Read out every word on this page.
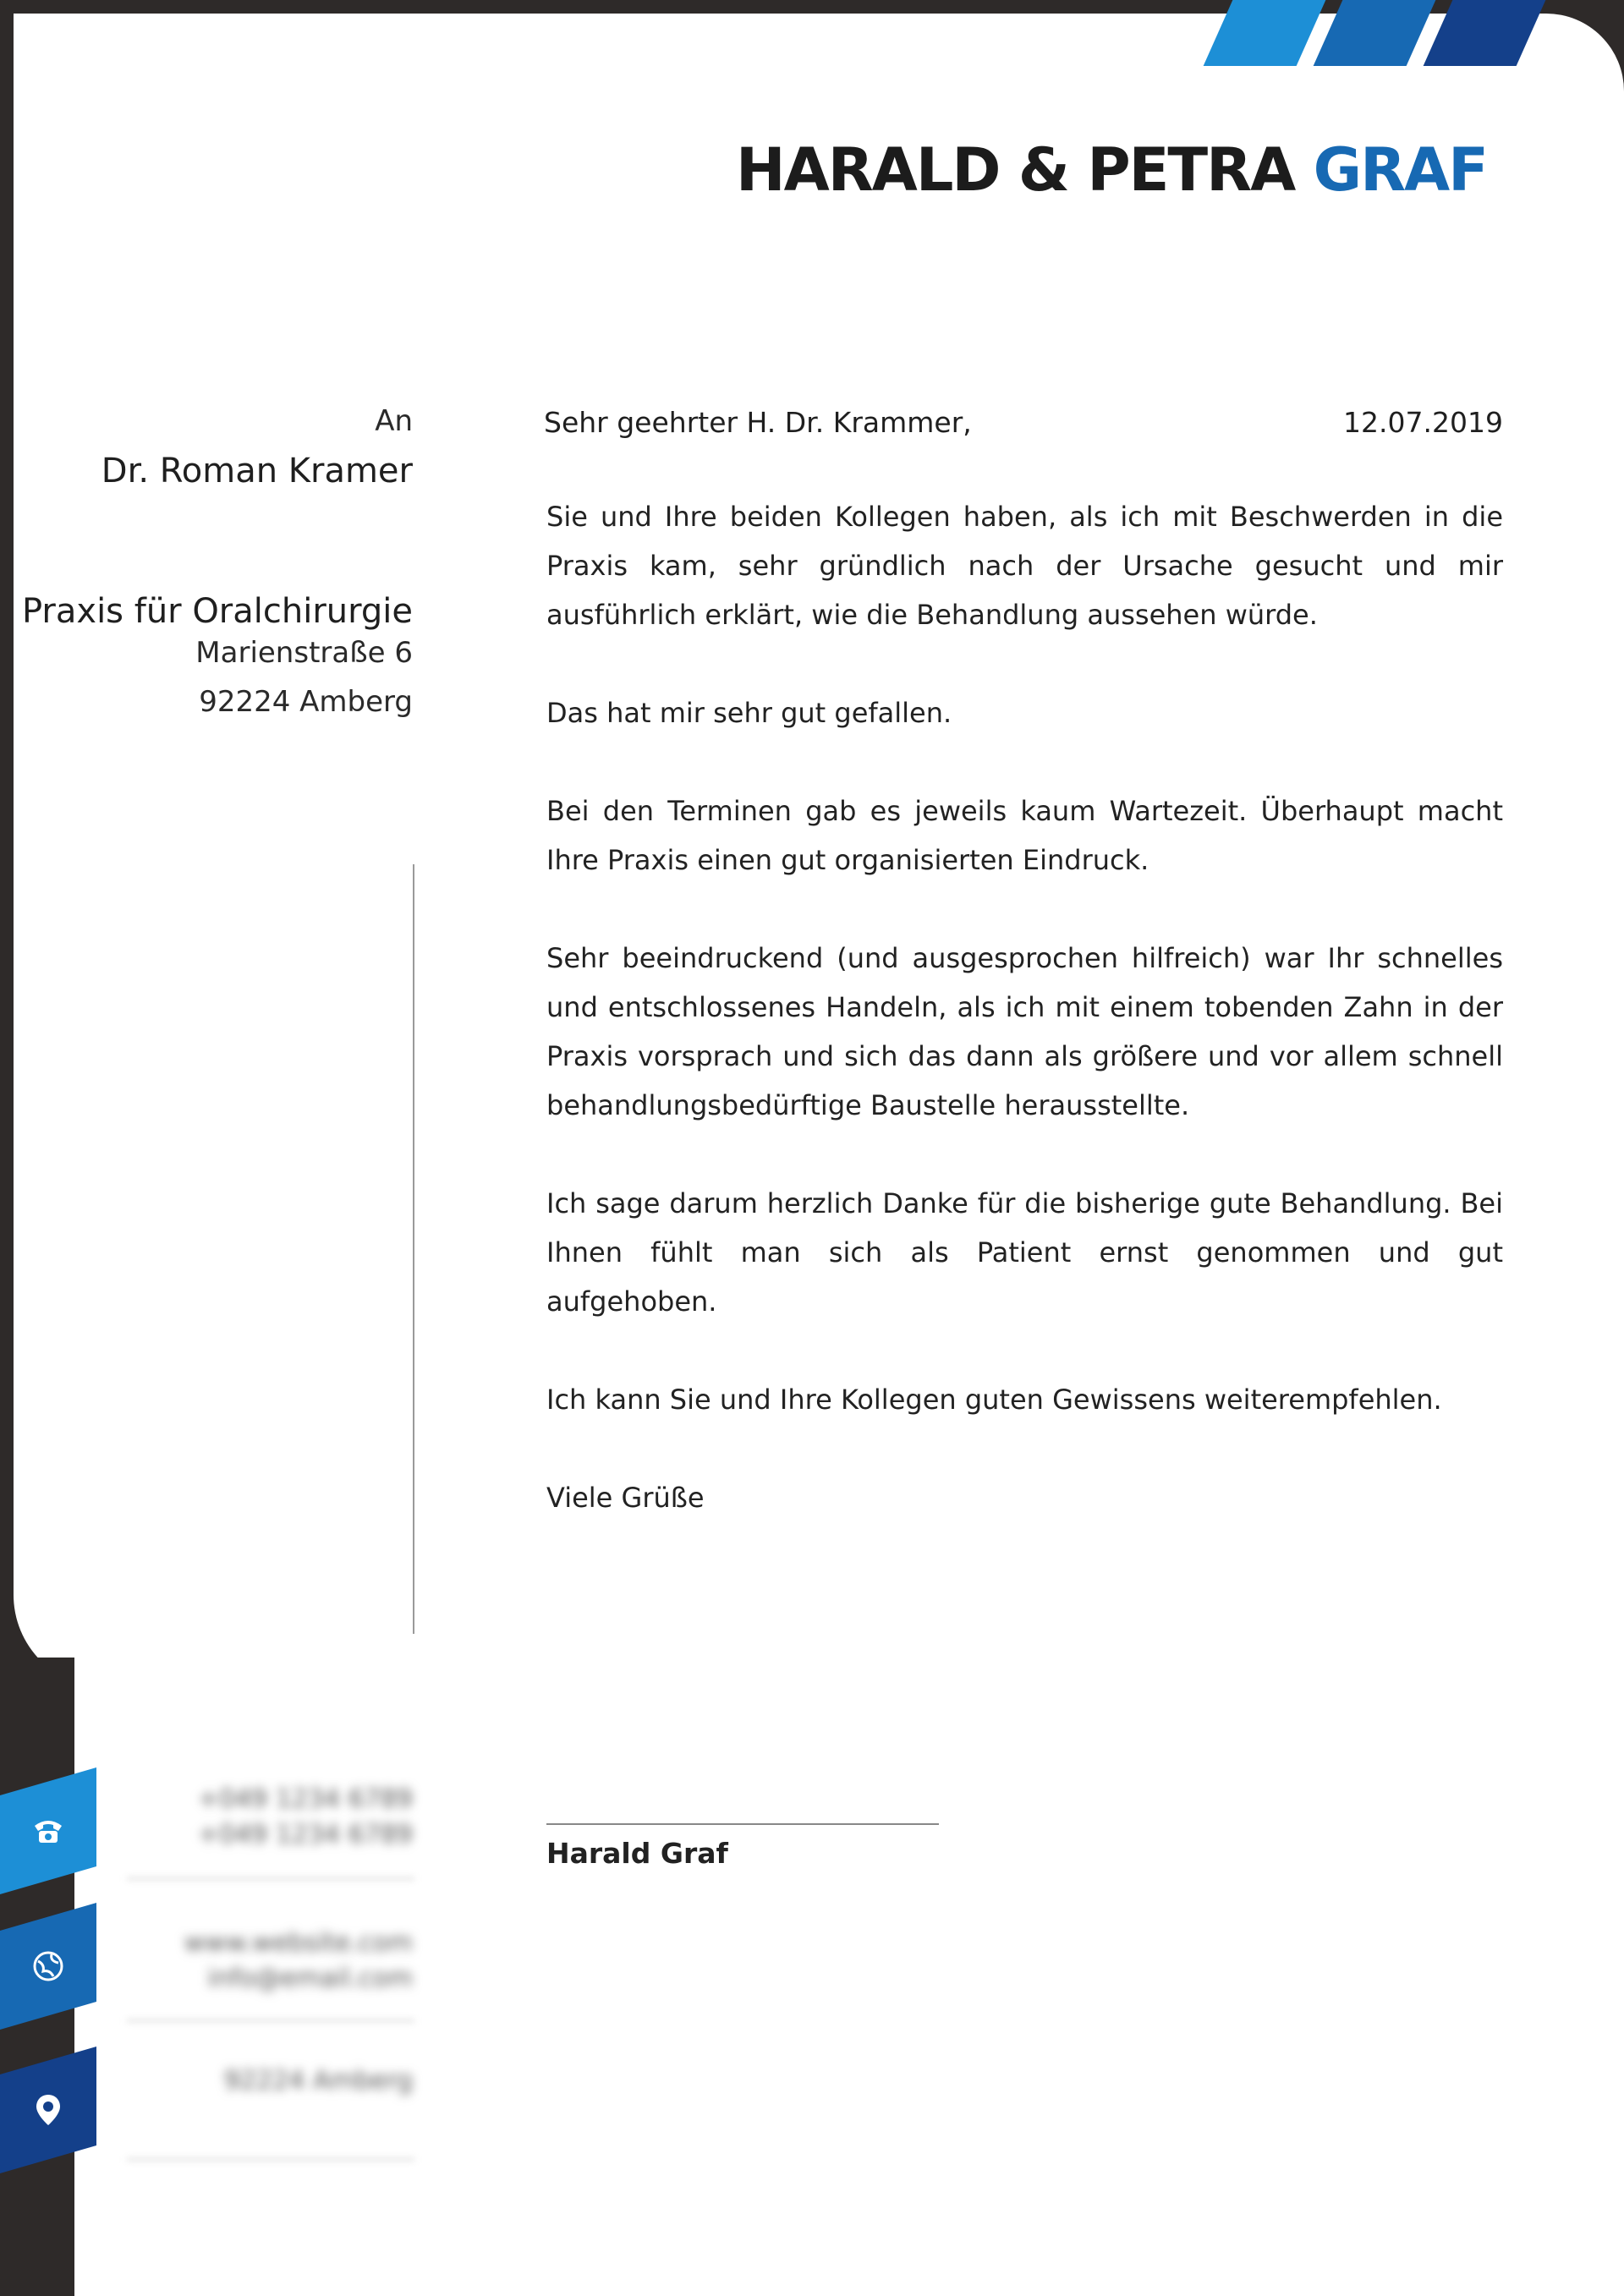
HARALD & PETRA GRAF
An
Dr. Roman Kramer
Praxis für Oralchirurgie
Marienstraße 6
92224 Amberg
Sehr geehrter H. Dr. Krammer,	12.07.2019

Sie und Ihre beiden Kollegen haben, als ich mit Beschwerden in die Praxis kam, sehr gründlich nach der Ursache gesucht und mir ausführlich erklärt, wie die Behandlung aussehen würde.

Das hat mir sehr gut gefallen.

Bei den Terminen gab es jeweils kaum Wartezeit. Überhaupt macht Ihre Praxis einen gut organisierten Eindruck.

Sehr beeindruckend (und ausgesprochen hilfreich) war Ihr schnelles und entschlossenes Handeln, als ich mit einem tobenden Zahn in der Praxis vorsprach und sich das dann als größere und vor allem schnell behandlungsbedürftige Baustelle herausstellte.

Ich sage darum herzlich Danke für die bisherige gute Behandlung. Bei Ihnen fühlt man sich als Patient ernst genommen und gut aufgehoben.

Ich kann Sie und Ihre Kollegen guten Gewissens weiterempfehlen.

Viele Grüße

Harald Graf
+049 1234 6789
+049 1234 6789
www.website.com
info@email.com
92224 Amberg
